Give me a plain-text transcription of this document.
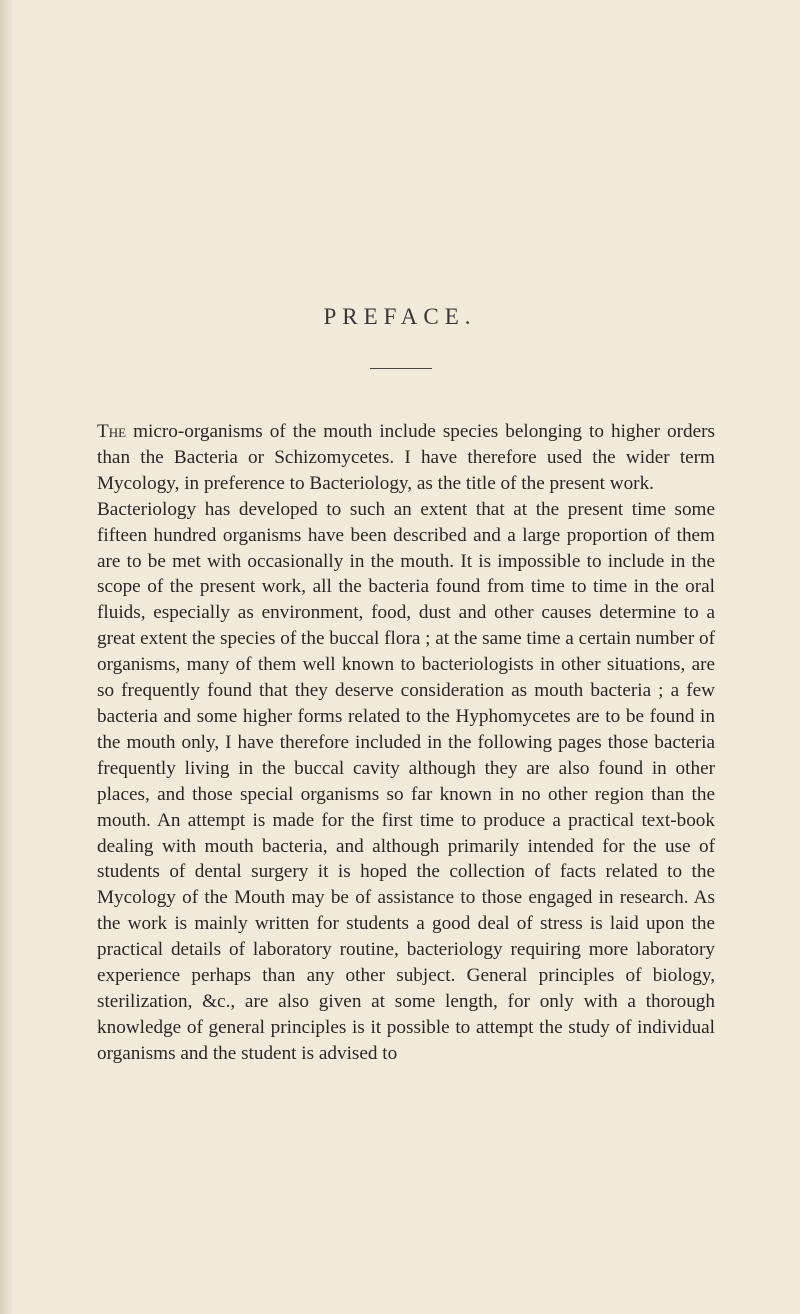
PREFACE.

The micro-organisms of the mouth include species belonging to higher orders than the Bacteria or Schizomycetes. I have therefore used the wider term Mycology, in preference to Bacteriology, as the title of the present work.

Bacteriology has developed to such an extent that at the present time some fifteen hundred organisms have been described and a large proportion of them are to be met with occasionally in the mouth. It is impossible to include in the scope of the present work, all the bacteria found from time to time in the oral fluids, especially as environment, food, dust and other causes determine to a great extent the species of the buccal flora ; at the same time a certain number of organisms, many of them well known to bacteriologists in other situations, are so frequently found that they deserve consideration as mouth bacteria ; a few bacteria and some higher forms related to the Hyphomycetes are to be found in the mouth only, I have therefore included in the following pages those bacteria frequently living in the buccal cavity although they are also found in other places, and those special organisms so far known in no other region than the mouth. An attempt is made for the first time to produce a practical text-book dealing with mouth bacteria, and although primarily intended for the use of students of dental surgery it is hoped the collection of facts related to the Mycology of the Mouth may be of assistance to those engaged in research. As the work is mainly written for students a good deal of stress is laid upon the practical details of laboratory routine, bacteriology requiring more laboratory experience perhaps than any other subject. General principles of biology, sterilization, &c., are also given at some length, for only with a thorough knowledge of general principles is it possible to attempt the study of individual organisms and the student is advised to
